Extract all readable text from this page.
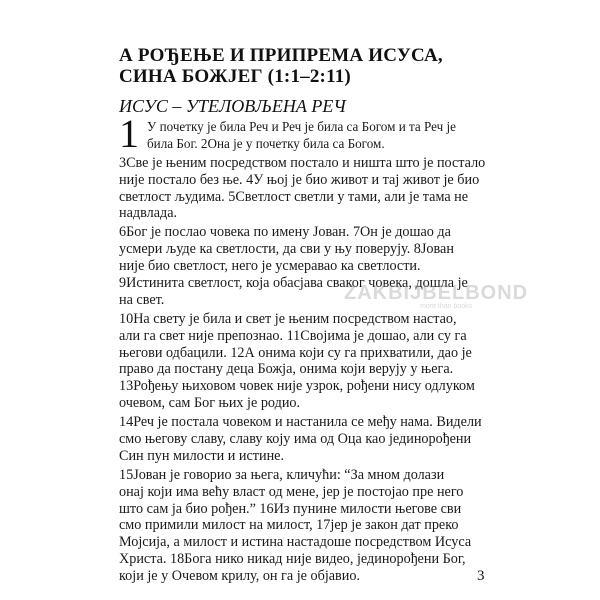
А РОЂЕЊЕ И ПРИПРЕМА ИСУСА,
СИНА БОЖЈЕГ (1:1–2:11)
ИСУС – УТЕЛОВЉЕНА РЕЧ
1 У почетку је била Реч и Реч је била са Богом и та Реч је
била Бог. 2Она је у почетку била са Богом.
3Све је њеним посредством постало и ништа што је постало
није постало без ње. 4У њој је био живот и тај живот је био
светлост људима. 5Светлост светли у тами, али је тама не
надвлада.
6Бог је послао човека по имену Јован. 7Он је дошао да
усмери људе ка светлости, да сви у њу поверују. 8Јован
није био светлост, него је усмеравао ка светлости.
9Истинита светлост, која обасјава сваког човека, дошла је
на свет.
10На свету је била и свет је њеним посредством настао,
али га свет није препознао. 11Својима је дошао, али су га
његови одбацили. 12А онима који су га прихватили, дао је
право да постану деца Божја, онима који верују у њега.
13Рођењу њиховом човек није узрок, рођени нису одлуком
очевом, сам Бог њих је родио.
14Реч је постала човеком и настанила се међу нама. Видели
смо његову славу, славу коју има од Оца као јединорођени
Син пун милости и истине.
15Јован је говорио за њега, кличући: “За мном долази
онај који има већу власт од мене, јер је постојао пре него
што сам ја био рођен.” 16Из пунине милости његове сви
смо примили милост на милост, 17јер је закон дат преко
Мојсија, а милост и истина настадоше посредством Исуса
Христа. 18Бога нико никад није видео, јединорођени Бог,
који је у Очевом крилу, он га је објавио.
ZAKBIJBELBOND
more than books
3
